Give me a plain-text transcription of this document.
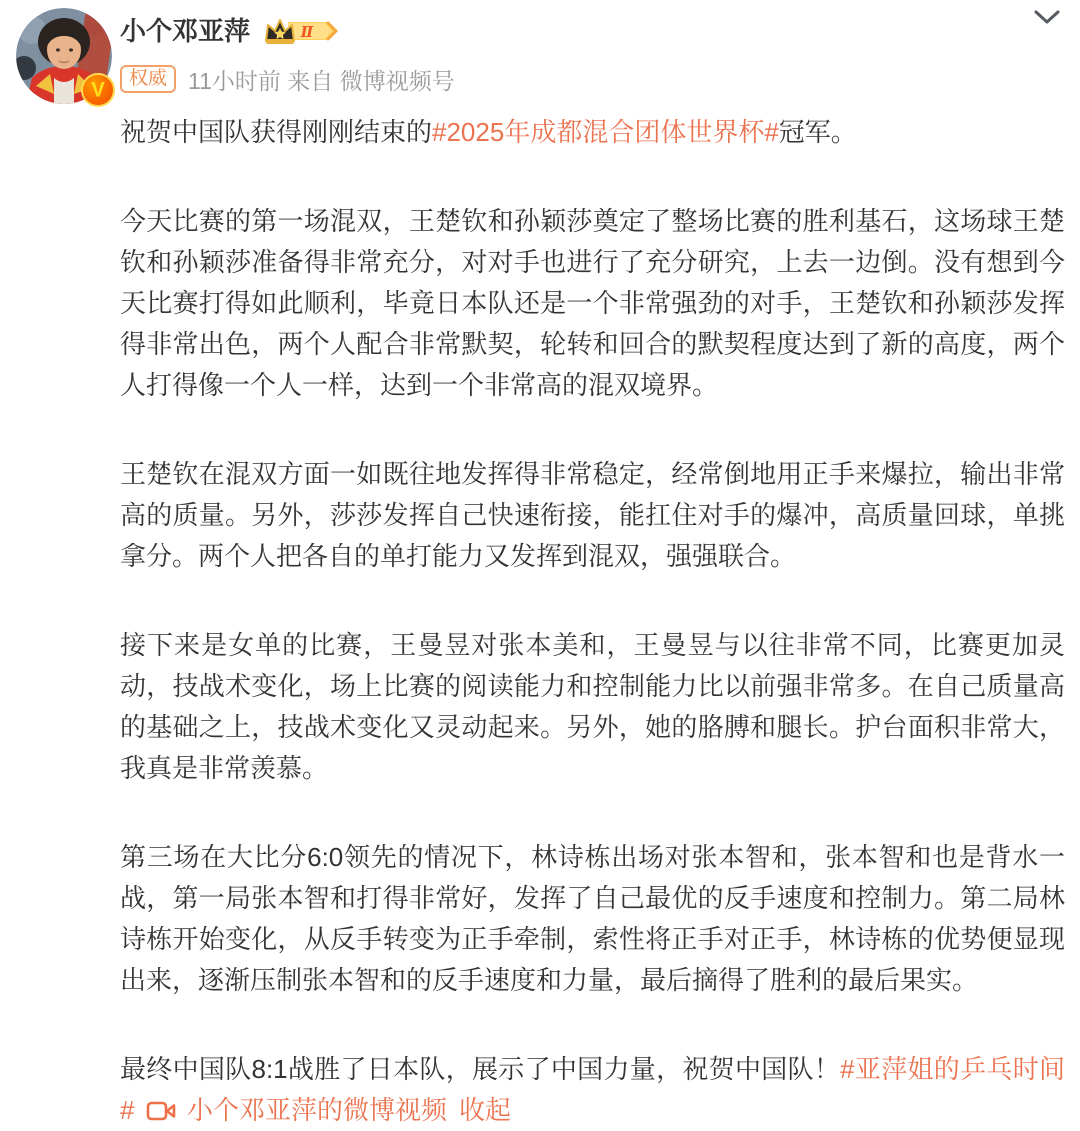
V
小个邓亚萍	Ⅱ
权威 11小时前 来自 微博视频号

祝贺中国队获得刚刚结束的#2025年成都混合团体世界杯#冠军。

今天比赛的第一场混双，王楚钦和孙颖莎奠定了整场比赛的胜利基石，这场球王楚钦和孙颖莎准备得非常充分，对对手也进行了充分研究，上去一边倒。没有想到今天比赛打得如此顺利，毕竟日本队还是一个非常强劲的对手，王楚钦和孙颖莎发挥得非常出色，两个人配合非常默契，轮转和回合的默契程度达到了新的高度，两个人打得像一个人一样，达到一个非常高的混双境界。

王楚钦在混双方面一如既往地发挥得非常稳定，经常倒地用正手来爆拉，输出非常高的质量。另外，莎莎发挥自己快速衔接，能扛住对手的爆冲，高质量回球，单挑拿分。两个人把各自的单打能力又发挥到混双，强强联合。

接下来是女单的比赛，王曼昱对张本美和，王曼昱与以往非常不同，比赛更加灵动，技战术变化，场上比赛的阅读能力和控制能力比以前强非常多。在自己质量高的基础之上，技战术变化又灵动起来。另外，她的胳膊和腿长。护台面积非常大，我真是非常羡慕。

第三场在大比分6:0领先的情况下，林诗栋出场对张本智和，张本智和也是背水一战，第一局张本智和打得非常好，发挥了自己最优的反手速度和控制力。第二局林诗栋开始变化，从反手转变为正手牵制，索性将正手对正手，林诗栋的优势便显现出来，逐渐压制张本智和的反手速度和力量，最后摘得了胜利的最后果实。

最终中国队8:1战胜了日本队，展示了中国力量，祝贺中国队！#亚萍姐的乒乓时间# 小个邓亚萍的微博视频 收起
